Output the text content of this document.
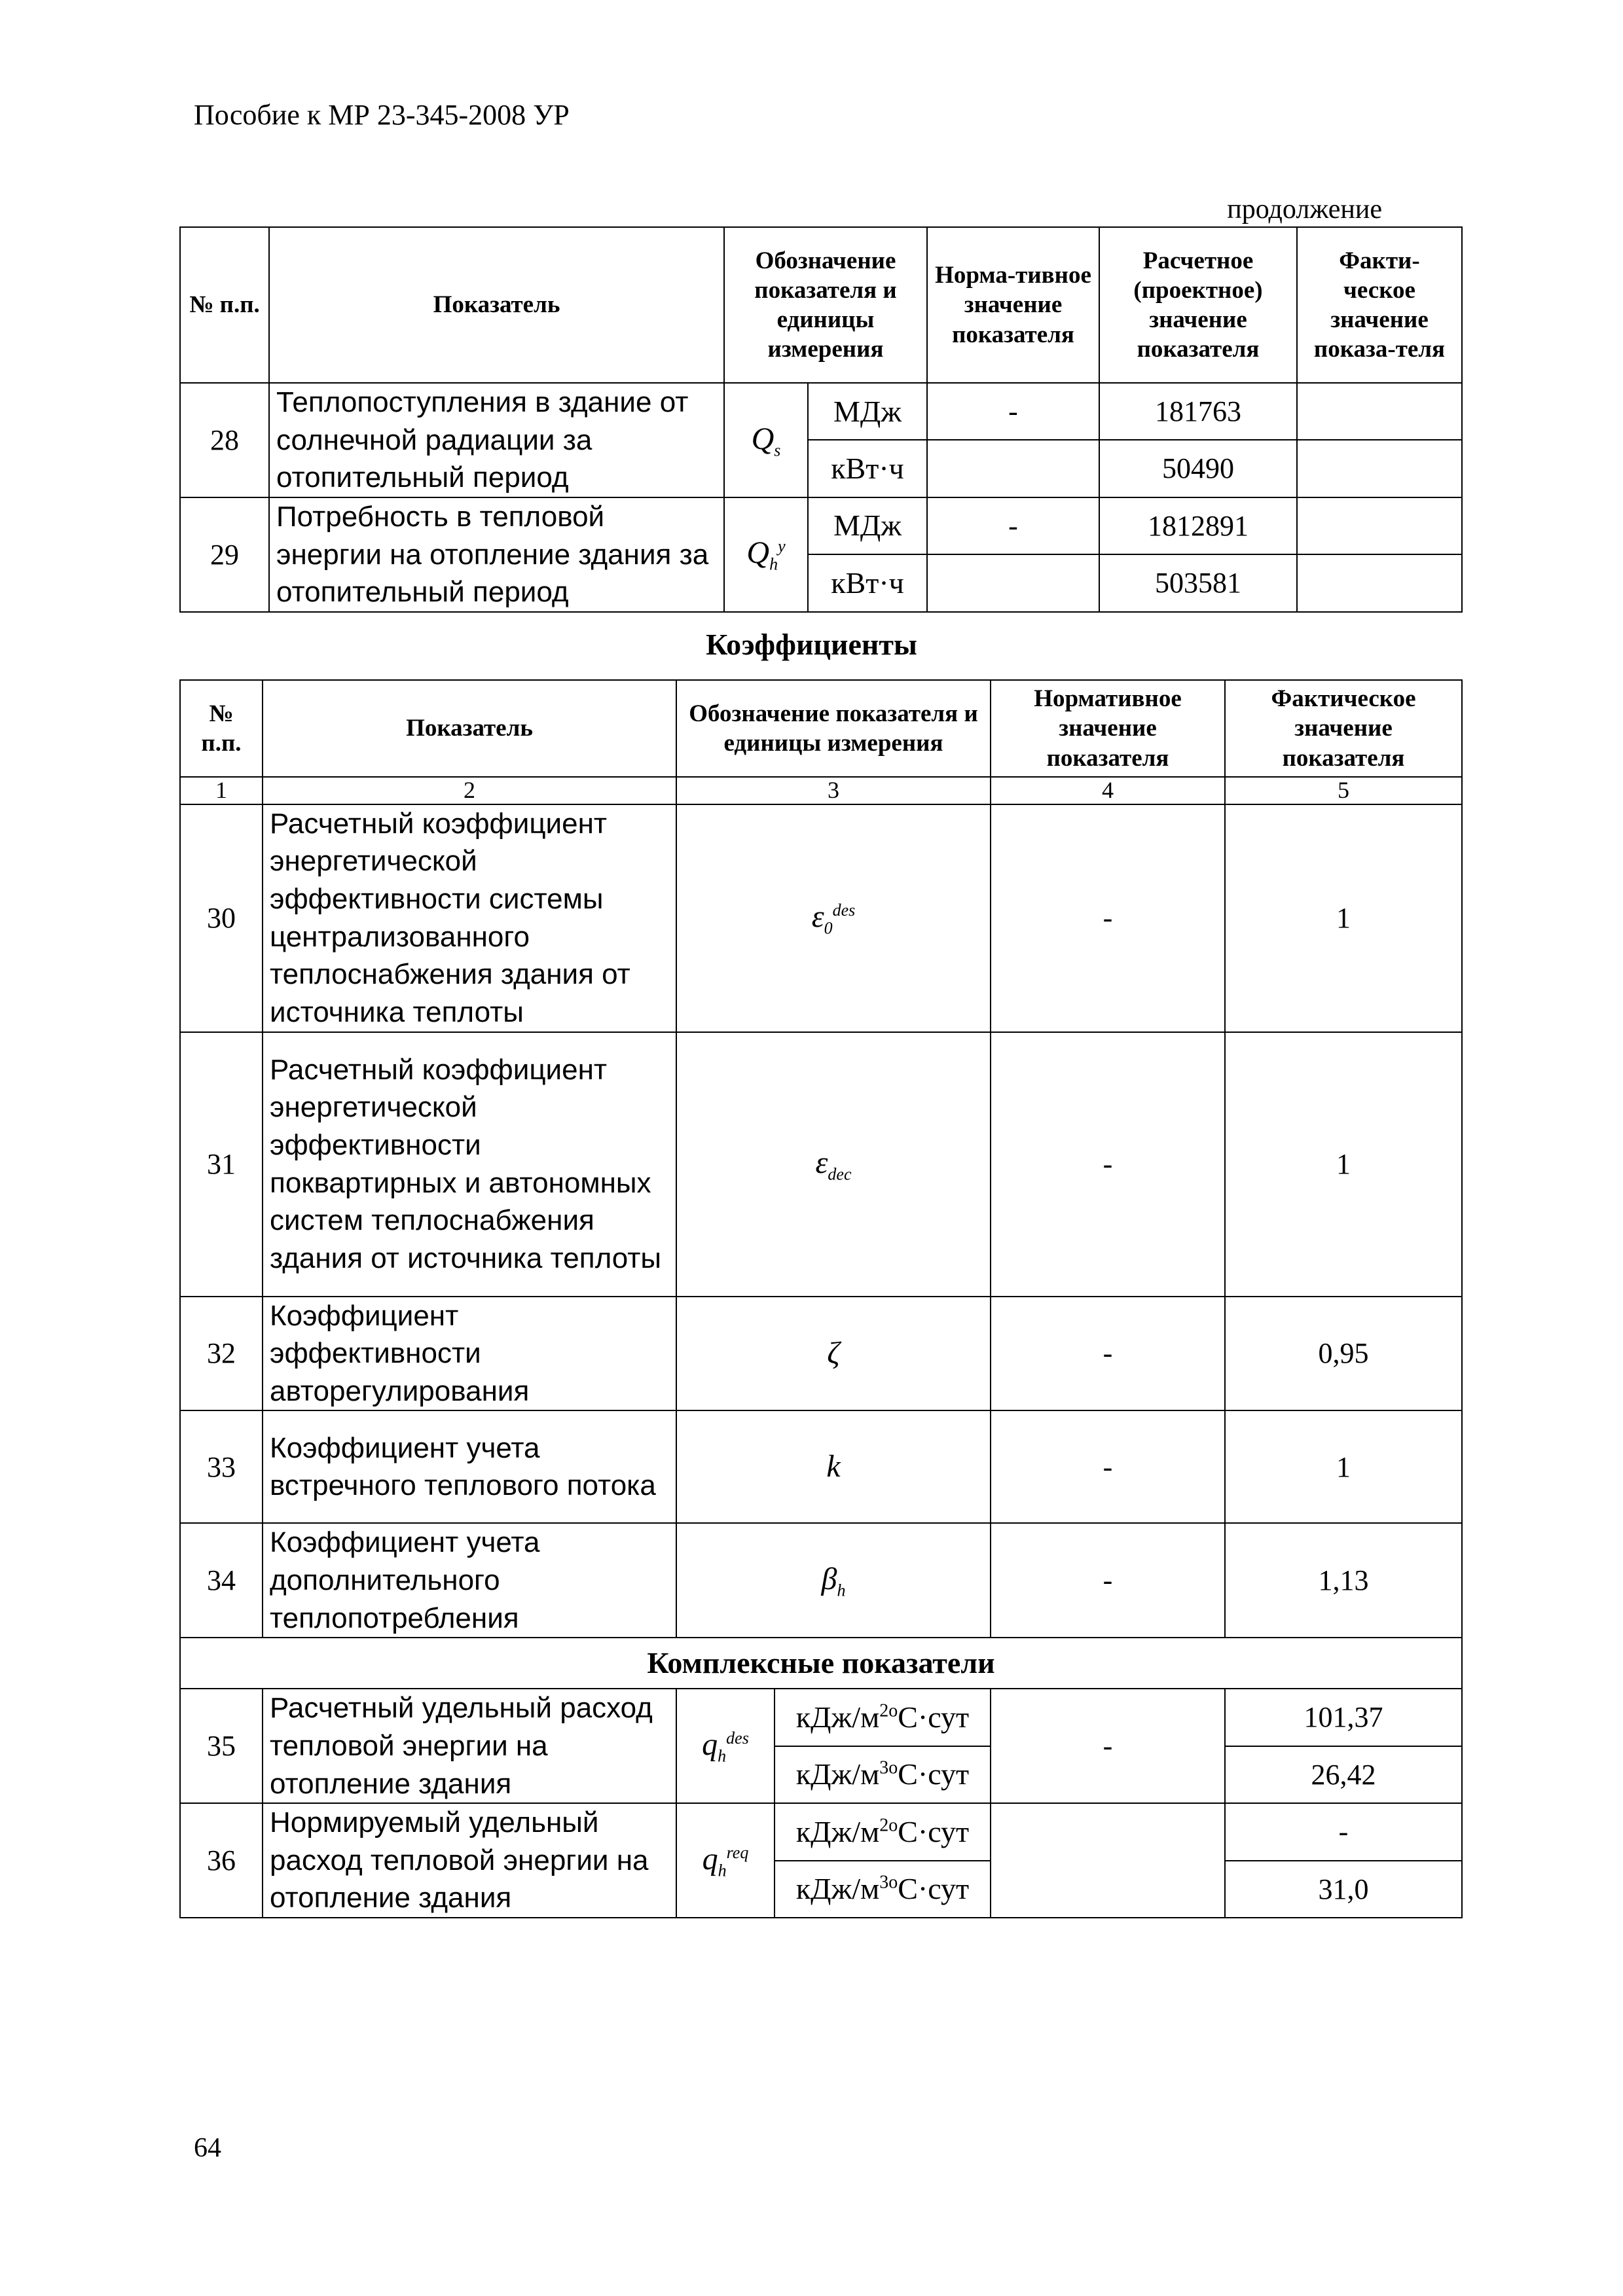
Пособие к МР 23-345-2008 УР
продолжение
№ п.п.	Показатель	Обозначение показателя и единицы измерения		Норма-тивное значение показателя	Расчетное (проектное) значение показателя	Факти-ческое значение показа-теля
28	Теплопоступления в здание от солнечной радиации за отопительный период	$Q_s$	МДж	-	181763	
			кВт·ч		50490	
29	Потребность в тепловой энергии на отопление здания за отопительный период	$Q_h^y$	МДж	-	1812891	
			кВт·ч		503581	
Коэффициенты
№ п.п.	Показатель	Обозначение показателя и единицы измерения		Нормативное значение показателя	Фактическое значение показателя
1	2	3		4	5
30	Расчетный коэффициент энергетической эффективности системы централизованного теплоснабжения здания от источника теплоты	$\varepsilon_0^{des}$		-	1
31	Расчетный коэффициент энергетической эффективности поквартирных и автономных систем теплоснабжения здания от источника теплоты	$\varepsilon_{dec}$		-	1
32	Коэффициент эффективности авторегулирования	ζ		-	0,95
33	Коэффициент учета встречного теплового потока	k		-	1
34	Коэффициент учета дополнительного теплопотребления	$\beta_h$		-	1,13
Комплексные показатели					
35	Расчетный удельный расход тепловой энергии на отопление здания	$q_h^{des}$	кДж/$м^{2о}С\cdot сут$	-	101,37
			кДж/$м^{3о}С\cdot сут$		26,42
36	Нормируемый удельный расход тепловой энергии на отопление здания	$q_h^{req}$	кДж/$м^{2о}С\cdot сут$		-
			кДж/$м^{3о}С\cdot сут$		31,0
64
